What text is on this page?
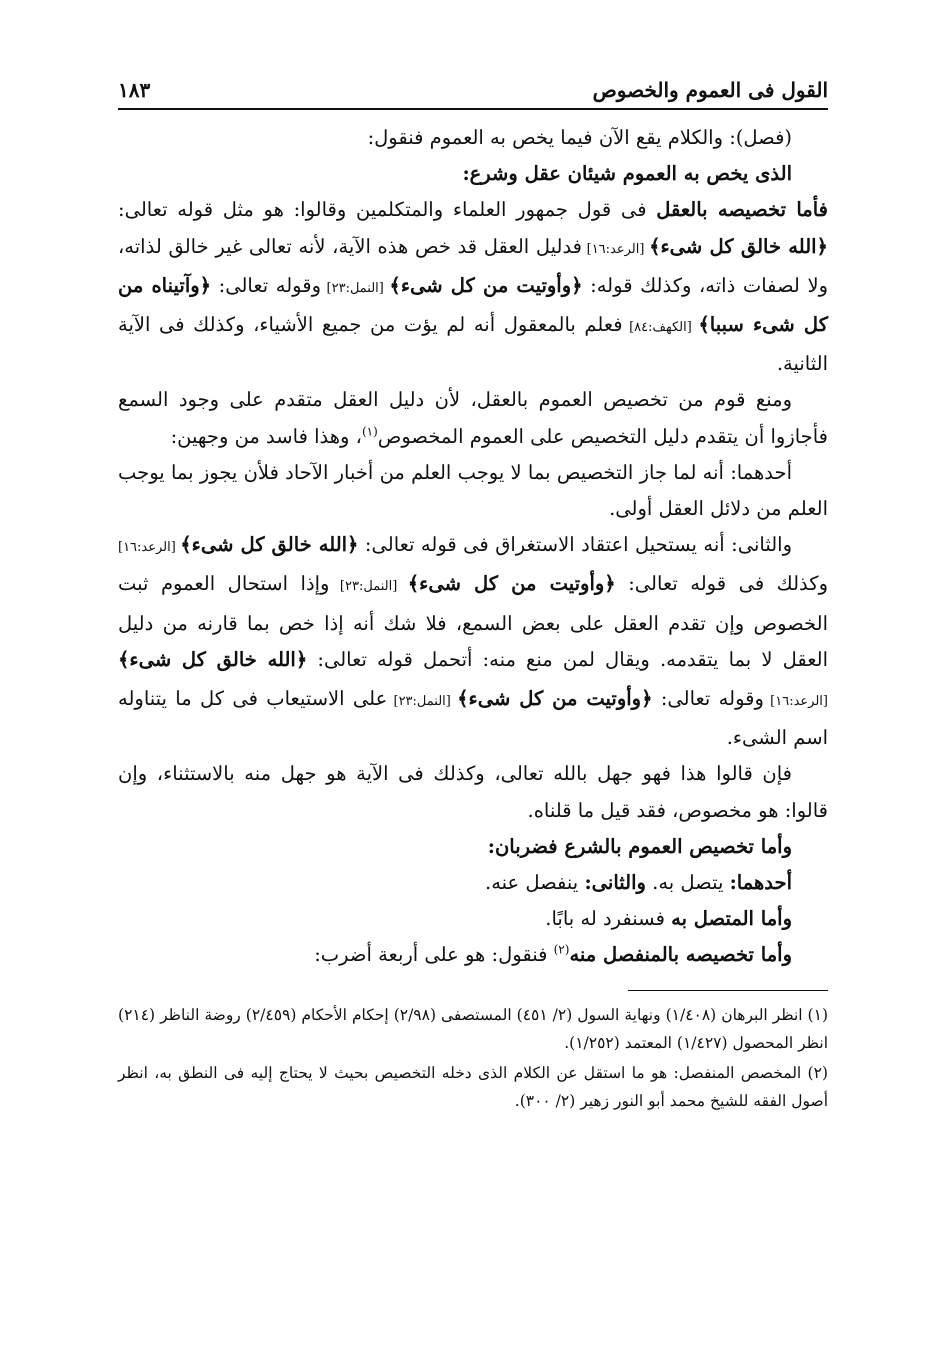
القول فى العموم والخصوص
١٨٣

(فصل): والكلام يقع الآن فيما يخص به العموم فنقول:

الذى يخص به العموم شيئان عقل وشرع:

فأما تخصيصه بالعقل فى قول جمهور العلماء والمتكلمين وقالوا: هو مثل قوله تعالى: ﴿الله خالق كل شىء﴾ [الرعد:١٦] فدليل العقل قد خص هذه الآية، لأنه تعالى غير خالق لذاته، ولا لصفات ذاته، وكذلك قوله: ﴿وأوتيت من كل شىء﴾ [النمل:٢٣] وقوله تعالى: ﴿وآتيناه من كل شىء سببا﴾ [الكهف:٨٤] فعلم بالمعقول أنه لم يؤت من جميع الأشياء، وكذلك فى الآية الثانية.

ومنع قوم من تخصيص العموم بالعقل، لأن دليل العقل متقدم على وجود السمع فأجازوا أن يتقدم دليل التخصيص على العموم المخصوص$^{(١)}$، وهذا فاسد من وجهين:

أحدهما: أنه لما جاز التخصيص بما لا يوجب العلم من أخبار الآحاد فلأن يجوز بما يوجب العلم من دلائل العقل أولى.

والثانى: أنه يستحيل اعتقاد الاستغراق فى قوله تعالى: ﴿الله خالق كل شىء﴾ [الرعد:١٦] وكذلك فى قوله تعالى: ﴿وأوتيت من كل شىء﴾ [النمل:٢٣] وإذا استحال العموم ثبت الخصوص وإن تقدم العقل على بعض السمع، فلا شك أنه إذا خص بما قارنه من دليل العقل لا بما يتقدمه. ويقال لمن منع منه: أتحمل قوله تعالى: ﴿الله خالق كل شىء﴾ [الرعد:١٦] وقوله تعالى: ﴿وأوتيت من كل شىء﴾ [النمل:٢٣] على الاستيعاب فى كل ما يتناوله اسم الشىء.

فإن قالوا هذا فهو جهل بالله تعالى، وكذلك فى الآية هو جهل منه بالاستثناء، وإن قالوا: هو مخصوص، فقد قيل ما قلناه.

وأما تخصيص العموم بالشرع فضربان:

أحدهما: يتصل به. والثانى: ينفصل عنه.

وأما المتصل به فسنفرد له بابًا.

وأما تخصيصه بالمنفصل منه$^{(٢)}$ فنقول: هو على أربعة أضرب:

(١) انظر البرهان (١/٤٠٨) ونهاية السول (٢/ ٤٥١) المستصفى (٢/٩٨) إحكام الأحكام (٢/٤٥٩) روضة الناظر (٢١٤) انظر المحصول (١/٤٢٧) المعتمد (١/٢٥٢).

(٢) المخصص المنفصل: هو ما استقل عن الكلام الذى دخله التخصيص بحيث لا يحتاج إليه فى النطق به، انظر أصول الفقه للشيخ محمد أبو النور زهير (٢/ ٣٠٠).
